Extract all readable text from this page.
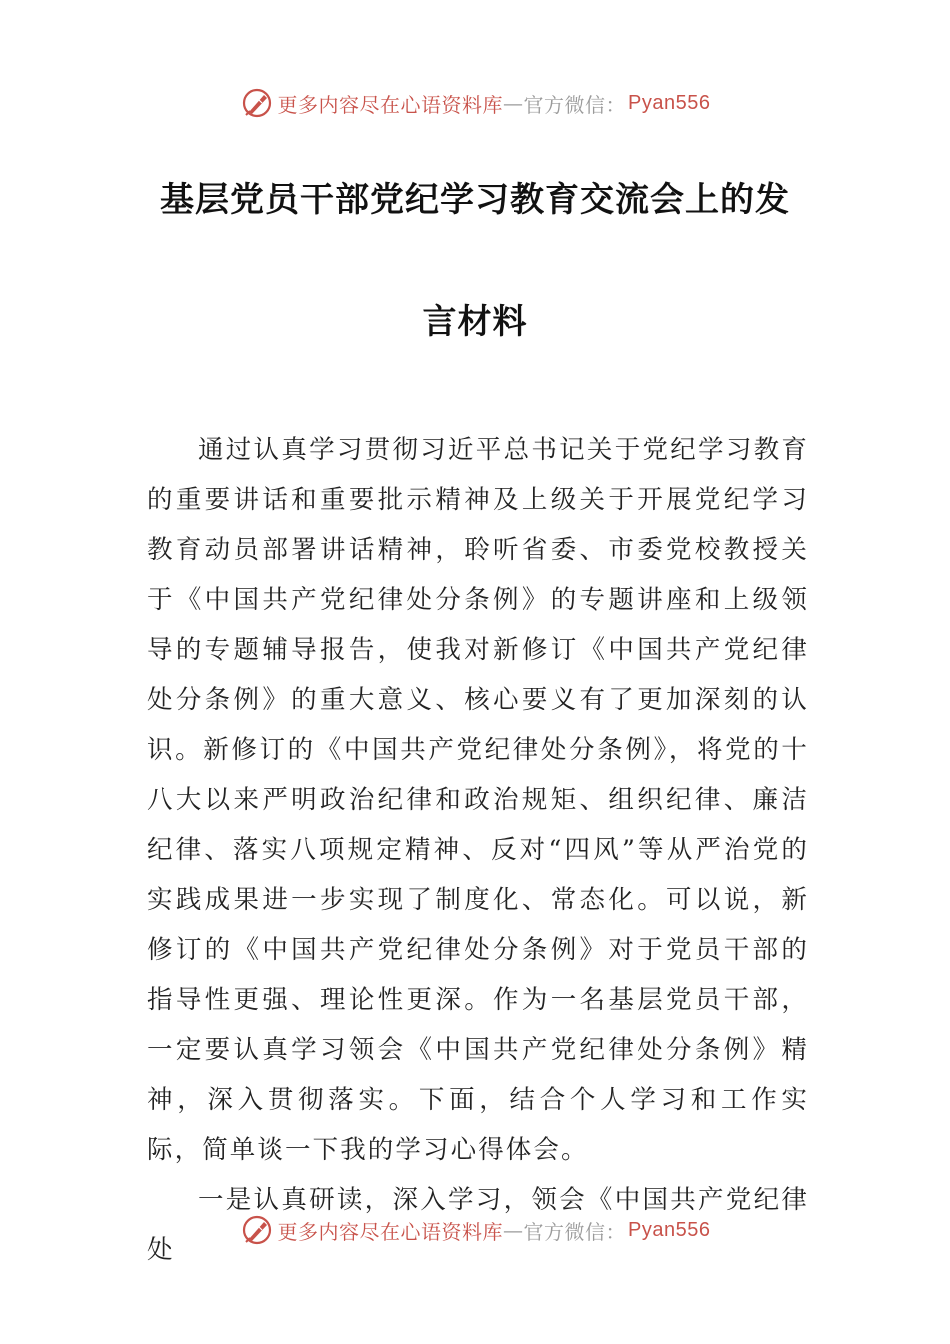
更多内容尽在心语资料库 — 官方微信： Pyan556
基层党员干部党纪学习教育交流会上的发
言材料

通过认真学习贯彻习近平总书记关于党纪学习教育的重要讲话和重要批示精神及上级关于开展党纪学习教育动员部署讲话精神，聆听省委、市委党校教授关于《中国共产党纪律处分条例》的专题讲座和上级领导的专题辅导报告，使我对新修订《中国共产党纪律处分条例》的重大意义、核心要义有了更加深刻的认识。新修订的《中国共产党纪律处分条例》，将党的十八大以来严明政治纪律和政治规矩、组织纪律、廉洁纪律、落实八项规定精神、反对“四风”等从严治党的实践成果进一步实现了制度化、常态化。可以说，新修订的《中国共产党纪律处分条例》对于党员干部的指导性更强、理论性更深。作为一名基层党员干部，一定要认真学习领会《中国共产党纪律处分条例》精神，深入贯彻落实。下面，结合个人学习和工作实际，简单谈一下我的学习心得体会。

一是认真研读，深入学习，领会《中国共产党纪律处

更多内容尽在心语资料库 — 官方微信： Pyan556
